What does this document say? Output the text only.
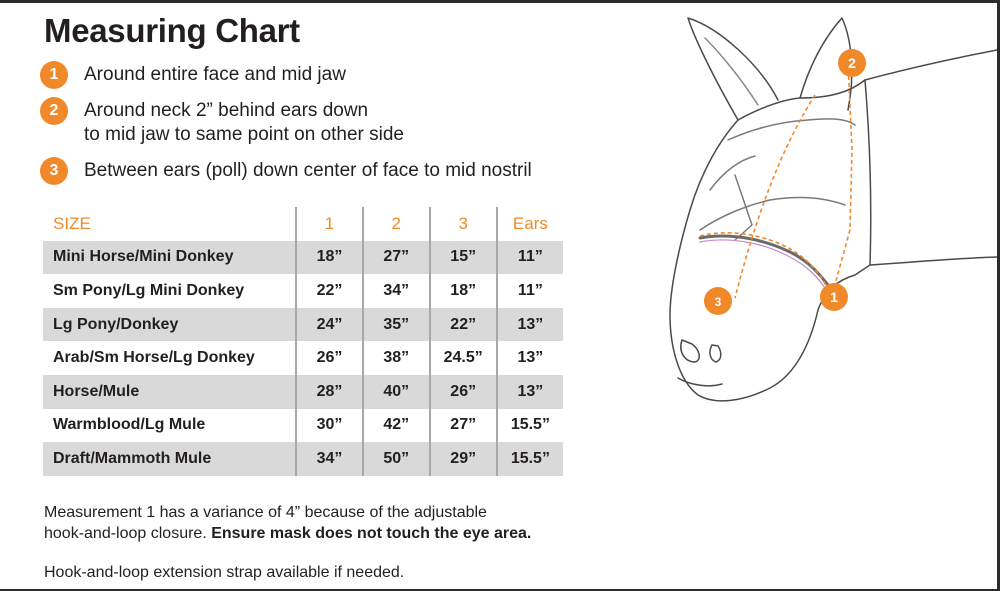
Measuring Chart
1	Around entire face and mid jaw
2	Around neck 2” behind ears down
to mid jaw to same point on other side
3	Between ears (poll) down center of face to mid nostril
SIZE	1	2	3	Ears
Mini Horse/Mini Donkey	18”	27”	15”	11”
Sm Pony/Lg Mini Donkey	22”	34”	18”	11”
Lg Pony/Donkey	24”	35”	22”	13”
Arab/Sm Horse/Lg Donkey	26”	38”	24.5”	13”
Horse/Mule	28”	40”	26”	13”
Warmblood/Lg Mule	30”	42”	27”	15.5”
Draft/Mammoth Mule	34”	50”	29”	15.5”
Measurement 1 has a variance of 4” because of the adjustable
hook-and-loop closure. Ensure mask does not touch the eye area.
Hook-and-loop extension strap available if needed.
1
2
3
